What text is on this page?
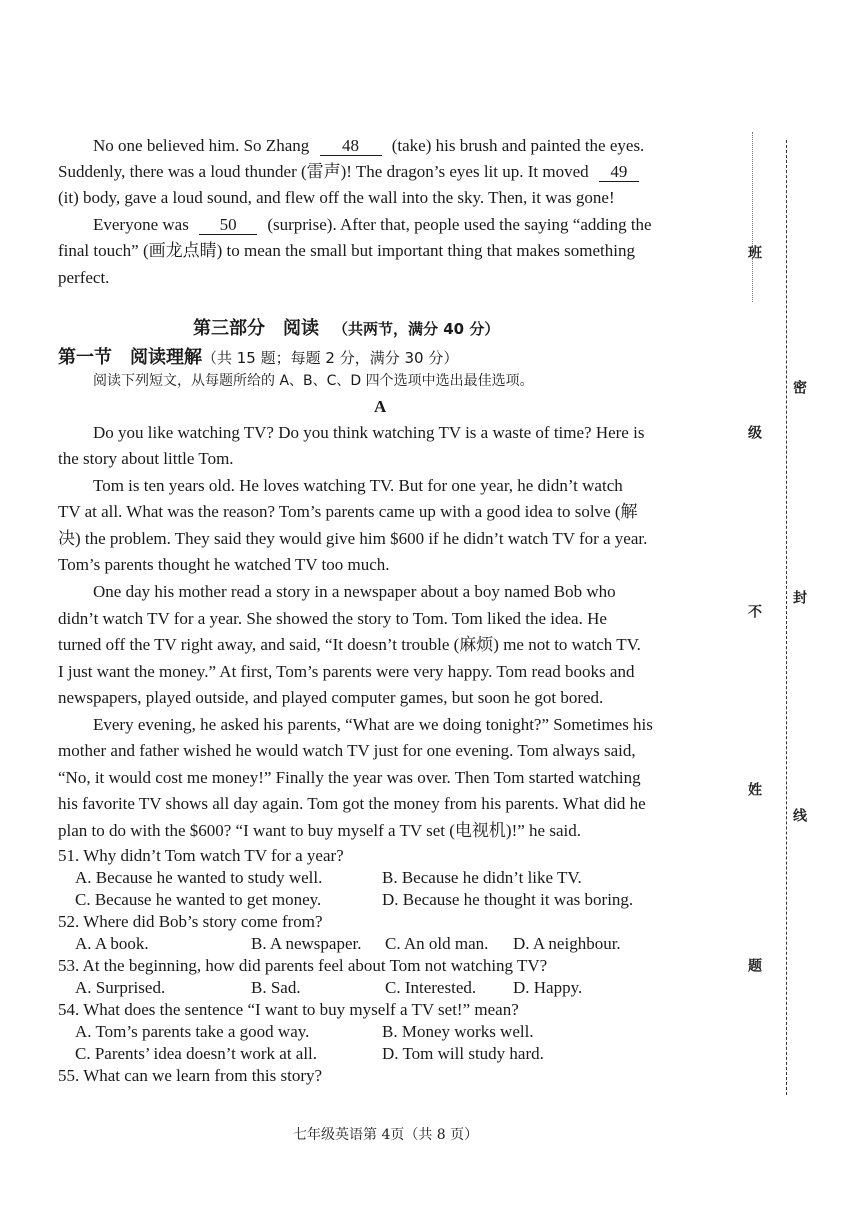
No one believed him. So Zhang 48 (take) his brush and painted the eyes.
Suddenly, there was a loud thunder (雷声)! The dragon’s eyes lit up. It moved 49
(it) body, gave a loud sound, and flew off the wall into the sky. Then, it was gone!
Everyone was 50 (surprise). After that, people used the saying “adding the
final touch” (画龙点睛) to mean the small but important thing that makes something
perfect.
第三部分　阅读 （共两节，满分 40 分）
第一节　阅读理解（共 15 题；每题 2 分，满分 30 分）
阅读下列短文，从每题所给的 A、B、C、D 四个选项中选出最佳选项。
A
Do you like watching TV? Do you think watching TV is a waste of time? Here is
the story about little Tom.
Tom is ten years old. He loves watching TV. But for one year, he didn’t watch
TV at all. What was the reason? Tom’s parents came up with a good idea to solve (解
决) the problem. They said they would give him $600 if he didn’t watch TV for a year.
Tom’s parents thought he watched TV too much.
One day his mother read a story in a newspaper about a boy named Bob who
didn’t watch TV for a year. She showed the story to Tom. Tom liked the idea. He
turned off the TV right away, and said, “It doesn’t trouble (麻烦) me not to watch TV.
I just want the money.” At first, Tom’s parents were very happy. Tom read books and
newspapers, played outside, and played computer games, but soon he got bored.
Every evening, he asked his parents, “What are we doing tonight?” Sometimes his
mother and father wished he would watch TV just for one evening. Tom always said,
“No, it would cost me money!” Finally the year was over. Then Tom started watching
his favorite TV shows all day again. Tom got the money from his parents. What did he
plan to do with the $600? “I want to buy myself a TV set (电视机)!” he said.
51. Why didn’t Tom watch TV for a year?
A. Because he wanted to study well.	B. Because he didn’t like TV.
C. Because he wanted to get money.	D. Because he thought it was boring.
52. Where did Bob’s story come from?
A. A book.	B. A newspaper. C. An old man. D. A neighbour.
53. At the beginning, how did parents feel about Tom not watching TV?
A. Surprised.	B. Sad.	C. Interested. D. Happy.
54. What does the sentence “I want to buy myself a TV set!” mean?
A. Tom’s parents take a good way.	B. Money works well.
C. Parents’ idea doesn’t work at all.	D. Tom will study hard.
55. What can we learn from this story?
七年级英语第 4页（共 8 页）
班
密
级
封
不
姓
线
题
